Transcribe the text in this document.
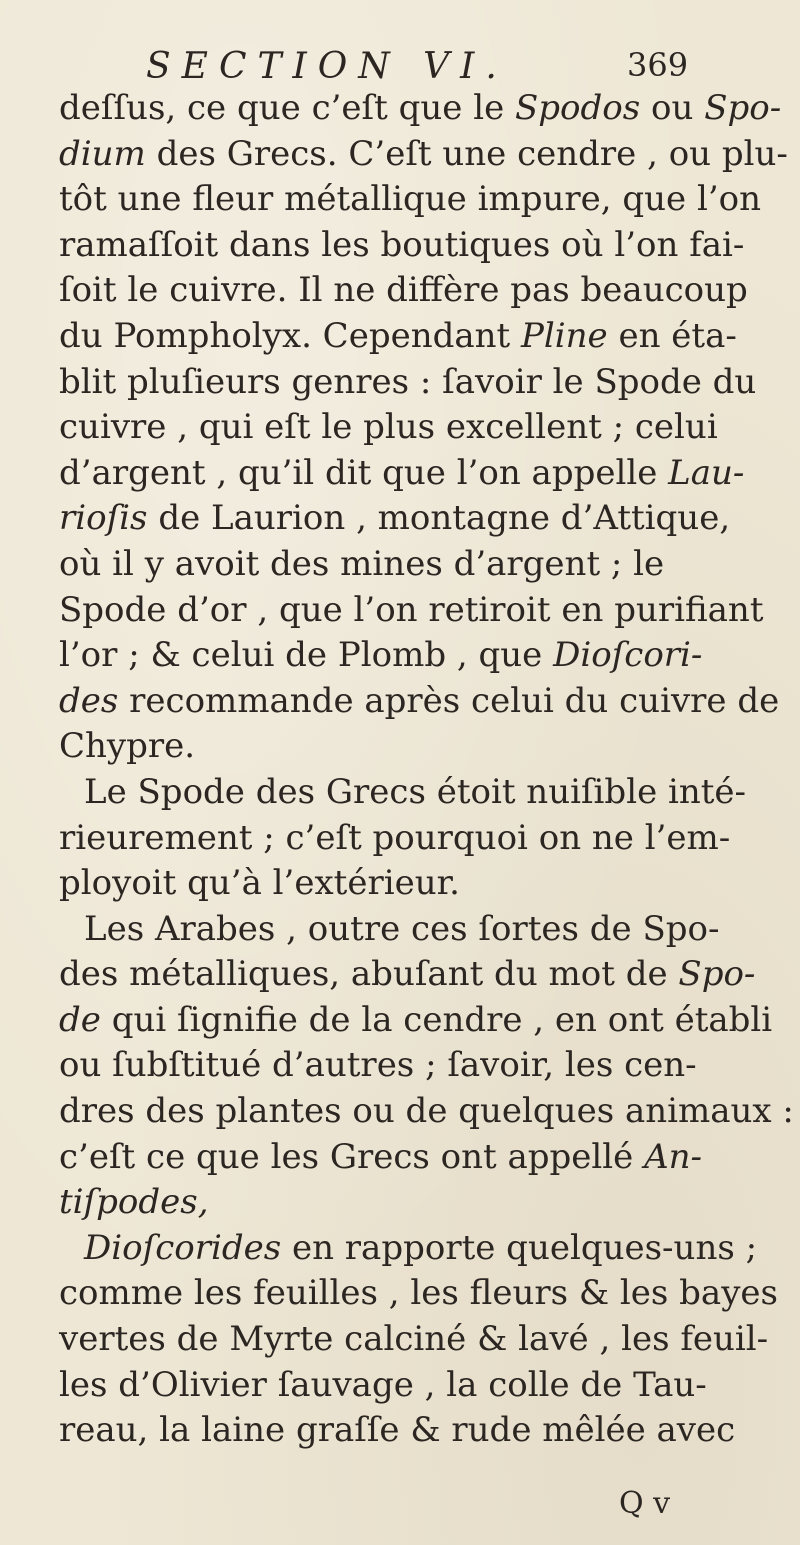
SECTION VI.	369
deſſus, ce que c’eſt que le Spodos ou Spo-
dium des Grecs. C’eſt une cendre , ou plu-
tôt une fleur métallique impure, que l’on
ramaſſoit dans les boutiques où l’on fai-
ſoit le cuivre. Il ne diffère pas beaucoup
du Pompholyx. Cependant Pline en éta-
blit pluſieurs genres : ſavoir le Spode du
cuivre , qui eſt le plus excellent ; celui
d’argent , qu’il dit que l’on appelle Lau-
rioſis de Laurion , montagne d’Attique,
où il y avoit des mines d’argent ; le
Spode d’or , que l’on retiroit en purifiant
l’or ; & celui de Plomb , que Dioſcori-
des recommande après celui du cuivre de
Chypre.
Le Spode des Grecs étoit nuiſible inté-
rieurement ; c’eſt pourquoi on ne l’em-
ployoit qu’à l’extérieur.
Les Arabes , outre ces ſortes de Spo-
des métalliques, abuſant du mot de Spo-
de qui ſignifie de la cendre , en ont établi
ou ſubſtitué d’autres ; ſavoir, les cen-
dres des plantes ou de quelques animaux :
c’eſt ce que les Grecs ont appellé An-
tiſpodes,
Dioſcorides en rapporte quelques-uns ;
comme les feuilles , les fleurs & les bayes
vertes de Myrte calciné & lavé , les feuil-
les d’Olivier ſauvage , la colle de Tau-
reau, la laine graſſe & rude mêlée avec
Q v
